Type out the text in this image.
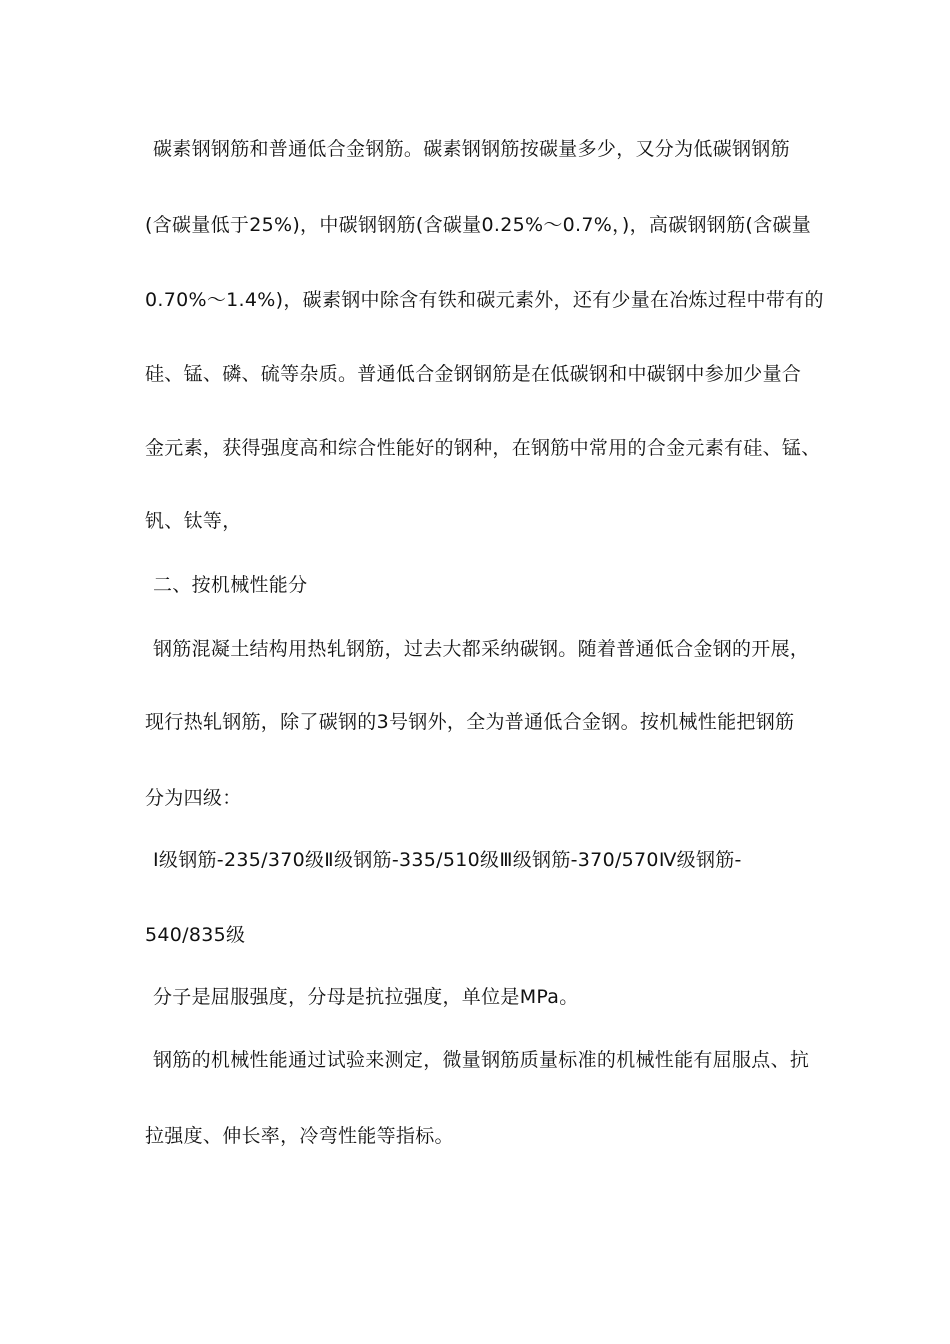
碳素钢钢筋和普通低合金钢筋。碳素钢钢筋按碳量多少，又分为低碳钢钢筋
(含碳量低于25%)，中碳钢钢筋(含碳量0.25%～0.7%，)，高碳钢钢筋(含碳量
0.70%～1.4%)，碳素钢中除含有铁和碳元素外，还有少量在冶炼过程中带有的
硅、锰、磷、硫等杂质。普通低合金钢钢筋是在低碳钢和中碳钢中参加少量合
金元素，获得强度高和综合性能好的钢种，在钢筋中常用的合金元素有硅、锰、
钒、钛等，
二、按机械性能分
钢筋混凝土结构用热轧钢筋，过去大都采纳碳钢。随着普通低合金钢的开展，
现行热轧钢筋，除了碳钢的3号钢外，全为普通低合金钢。按机械性能把钢筋
分为四级：
Ⅰ级钢筋-235/370级Ⅱ级钢筋-335/510级Ⅲ级钢筋-370/570Ⅳ级钢筋-
540/835级
分子是屈服强度，分母是抗拉强度，单位是MPa。
钢筋的机械性能通过试验来测定，微量钢筋质量标准的机械性能有屈服点、抗
拉强度、伸长率，冷弯性能等指标。
